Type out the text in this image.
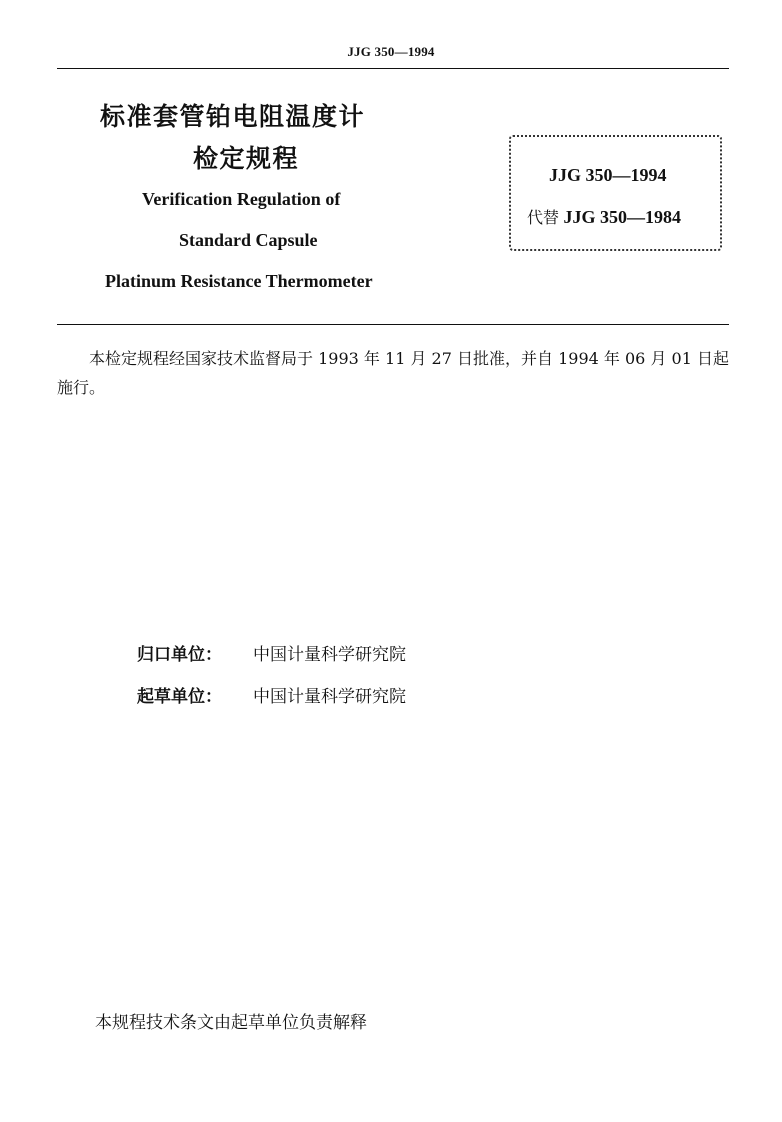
JJG 350—1994
标准套管铂电阻温度计
检定规程
Verification Regulation of
Standard Capsule
Platinum Resistance Thermometer
JJG 350—1994
代替 JJG 350—1984
本检定规程经国家技术监督局于 1993 年 11 月 27 日批准，并自 1994 年 06 月 01 日起施行。
归口单位： 中国计量科学研究院
起草单位： 中国计量科学研究院
本规程技术条文由起草单位负责解释
